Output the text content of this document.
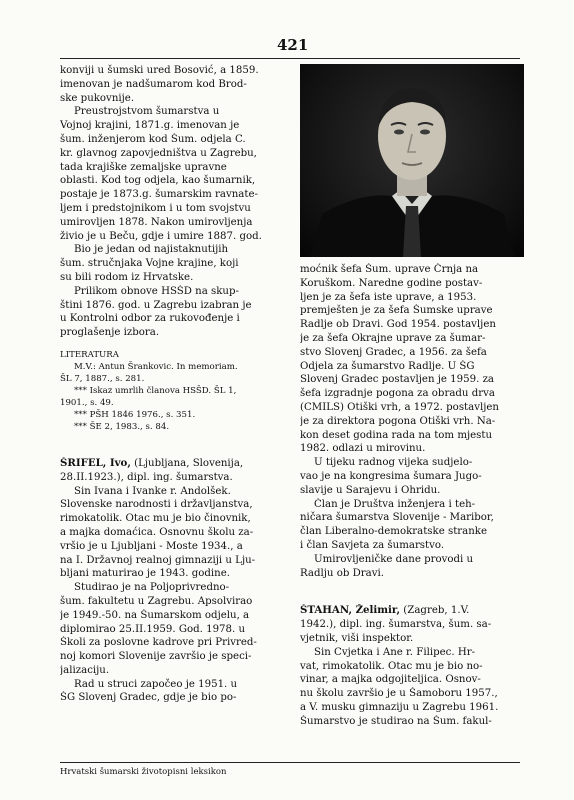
421
konviji u šumski ured Bosović, a 1859.
imenovan je nadšumarom kod Brod-
ske pukovnije.
Preustrojstvom šumarstva u
Vojnoj krajini, 1871.g. imenovan je
šum. inženjerom kod Šum. odjela C.
kr. glavnog zapovjedništva u Zagrebu,
tada krajiške zemaljske upravne
oblasti. Kod tog odjela, kao šumarnik,
postaje je 1873.g. šumarskim ravnate-
ljem i predstojnikom i u tom svojstvu
umirovljen 1878. Nakon umirovljenja
živio je u Beču, gdje i umire 1887. god.
Bio je jedan od najistaknutijih
šum. stručnjaka Vojne krajine, koji
su bili rodom iz Hrvatske.
Prilikom obnove HSŠD na skup-
štini 1876. god. u Zagrebu izabran je
u Kontrolni odbor za rukovođenje i
proglašenje izbora.
LITERATURA
M.V.: Antun Šrankovic. In memoriam.
ŠL 7, 1887., s. 281.
*** Iskaz umrlih članova HSŠD. ŠL 1,
1901., s. 49.
*** PŠH 1846 1976., s. 351.
*** ŠE 2, 1983., s. 84.
ŠRIFEL, Ivo, (Ljubljana, Slovenija,
28.II.1923.), dipl. ing. šumarstva.
Sin Ivana i Ivanke r. Andolšek.
Slovenske narodnosti i državljanstva,
rimokatolik. Otac mu je bio činovnik,
a majka domaćica. Osnovnu školu za-
vršio je u Ljubljani - Moste 1934., a
na I. Državnoj realnoj gimnaziji u Lju-
bljani maturirao je 1943. godine.
Studirao je na Poljoprivredno-
šum. fakultetu u Zagrebu. Apsolvirao
je 1949.-50. na Šumarskom odjelu, a
diplomirao 25.II.1959. God. 1978. u
Školi za poslovne kadrove pri Privred-
noj komori Slovenije završio je speci-
jalizaciju.
Rad u struci započeo je 1951. u
ŠG Slovenj Gradec, gdje je bio po-
moćnik šefa Šum. uprave Črnja na
Koruškom. Naredne godine postav-
ljen je za šefa iste uprave, a 1953.
premješten je za šefa Šumske uprave
Radlje ob Dravi. God 1954. postavljen
je za šefa Okrajne uprave za šumar-
stvo Slovenj Gradec, a 1956. za šefa
Odjela za šumarstvo Radlje. U ŠG
Slovenj Gradec postavljen je 1959. za
šefa izgradnje pogona za obradu drva
(CMILS) Otiški vrh, a 1972. postavljen
je za direktora pogona Otiški vrh. Na-
kon deset godina rada na tom mjestu
1982. odlazi u mirovinu.
U tijeku radnog vijeka sudjelo-
vao je na kongresima šumara Jugo-
slavije u Sarajevu i Ohridu.
Član je Društva inženjera i teh-
ničara šumarstva Slovenije - Maribor,
član Liberalno-demokratske stranke
i član Savjeta za šumarstvo.
Umirovljeničke dane provodi u
Radlju ob Dravi.
ŠTAHAN, Želimir, (Zagreb, 1.V.
1942.), dipl. ing. šumarstva, šum. sa-
vjetnik, viši inspektor.
Sin Cvjetka i Ane r. Filipec. Hr-
vat, rimokatolik. Otac mu je bio no-
vinar, a majka odgojiteljica. Osnov-
nu školu završio je u Šamoboru 1957.,
a V. musku gimnaziju u Zagrebu 1961.
Šumarstvo je studirao na Šum. fakul-
Hrvatski šumarski životopisni leksikon
